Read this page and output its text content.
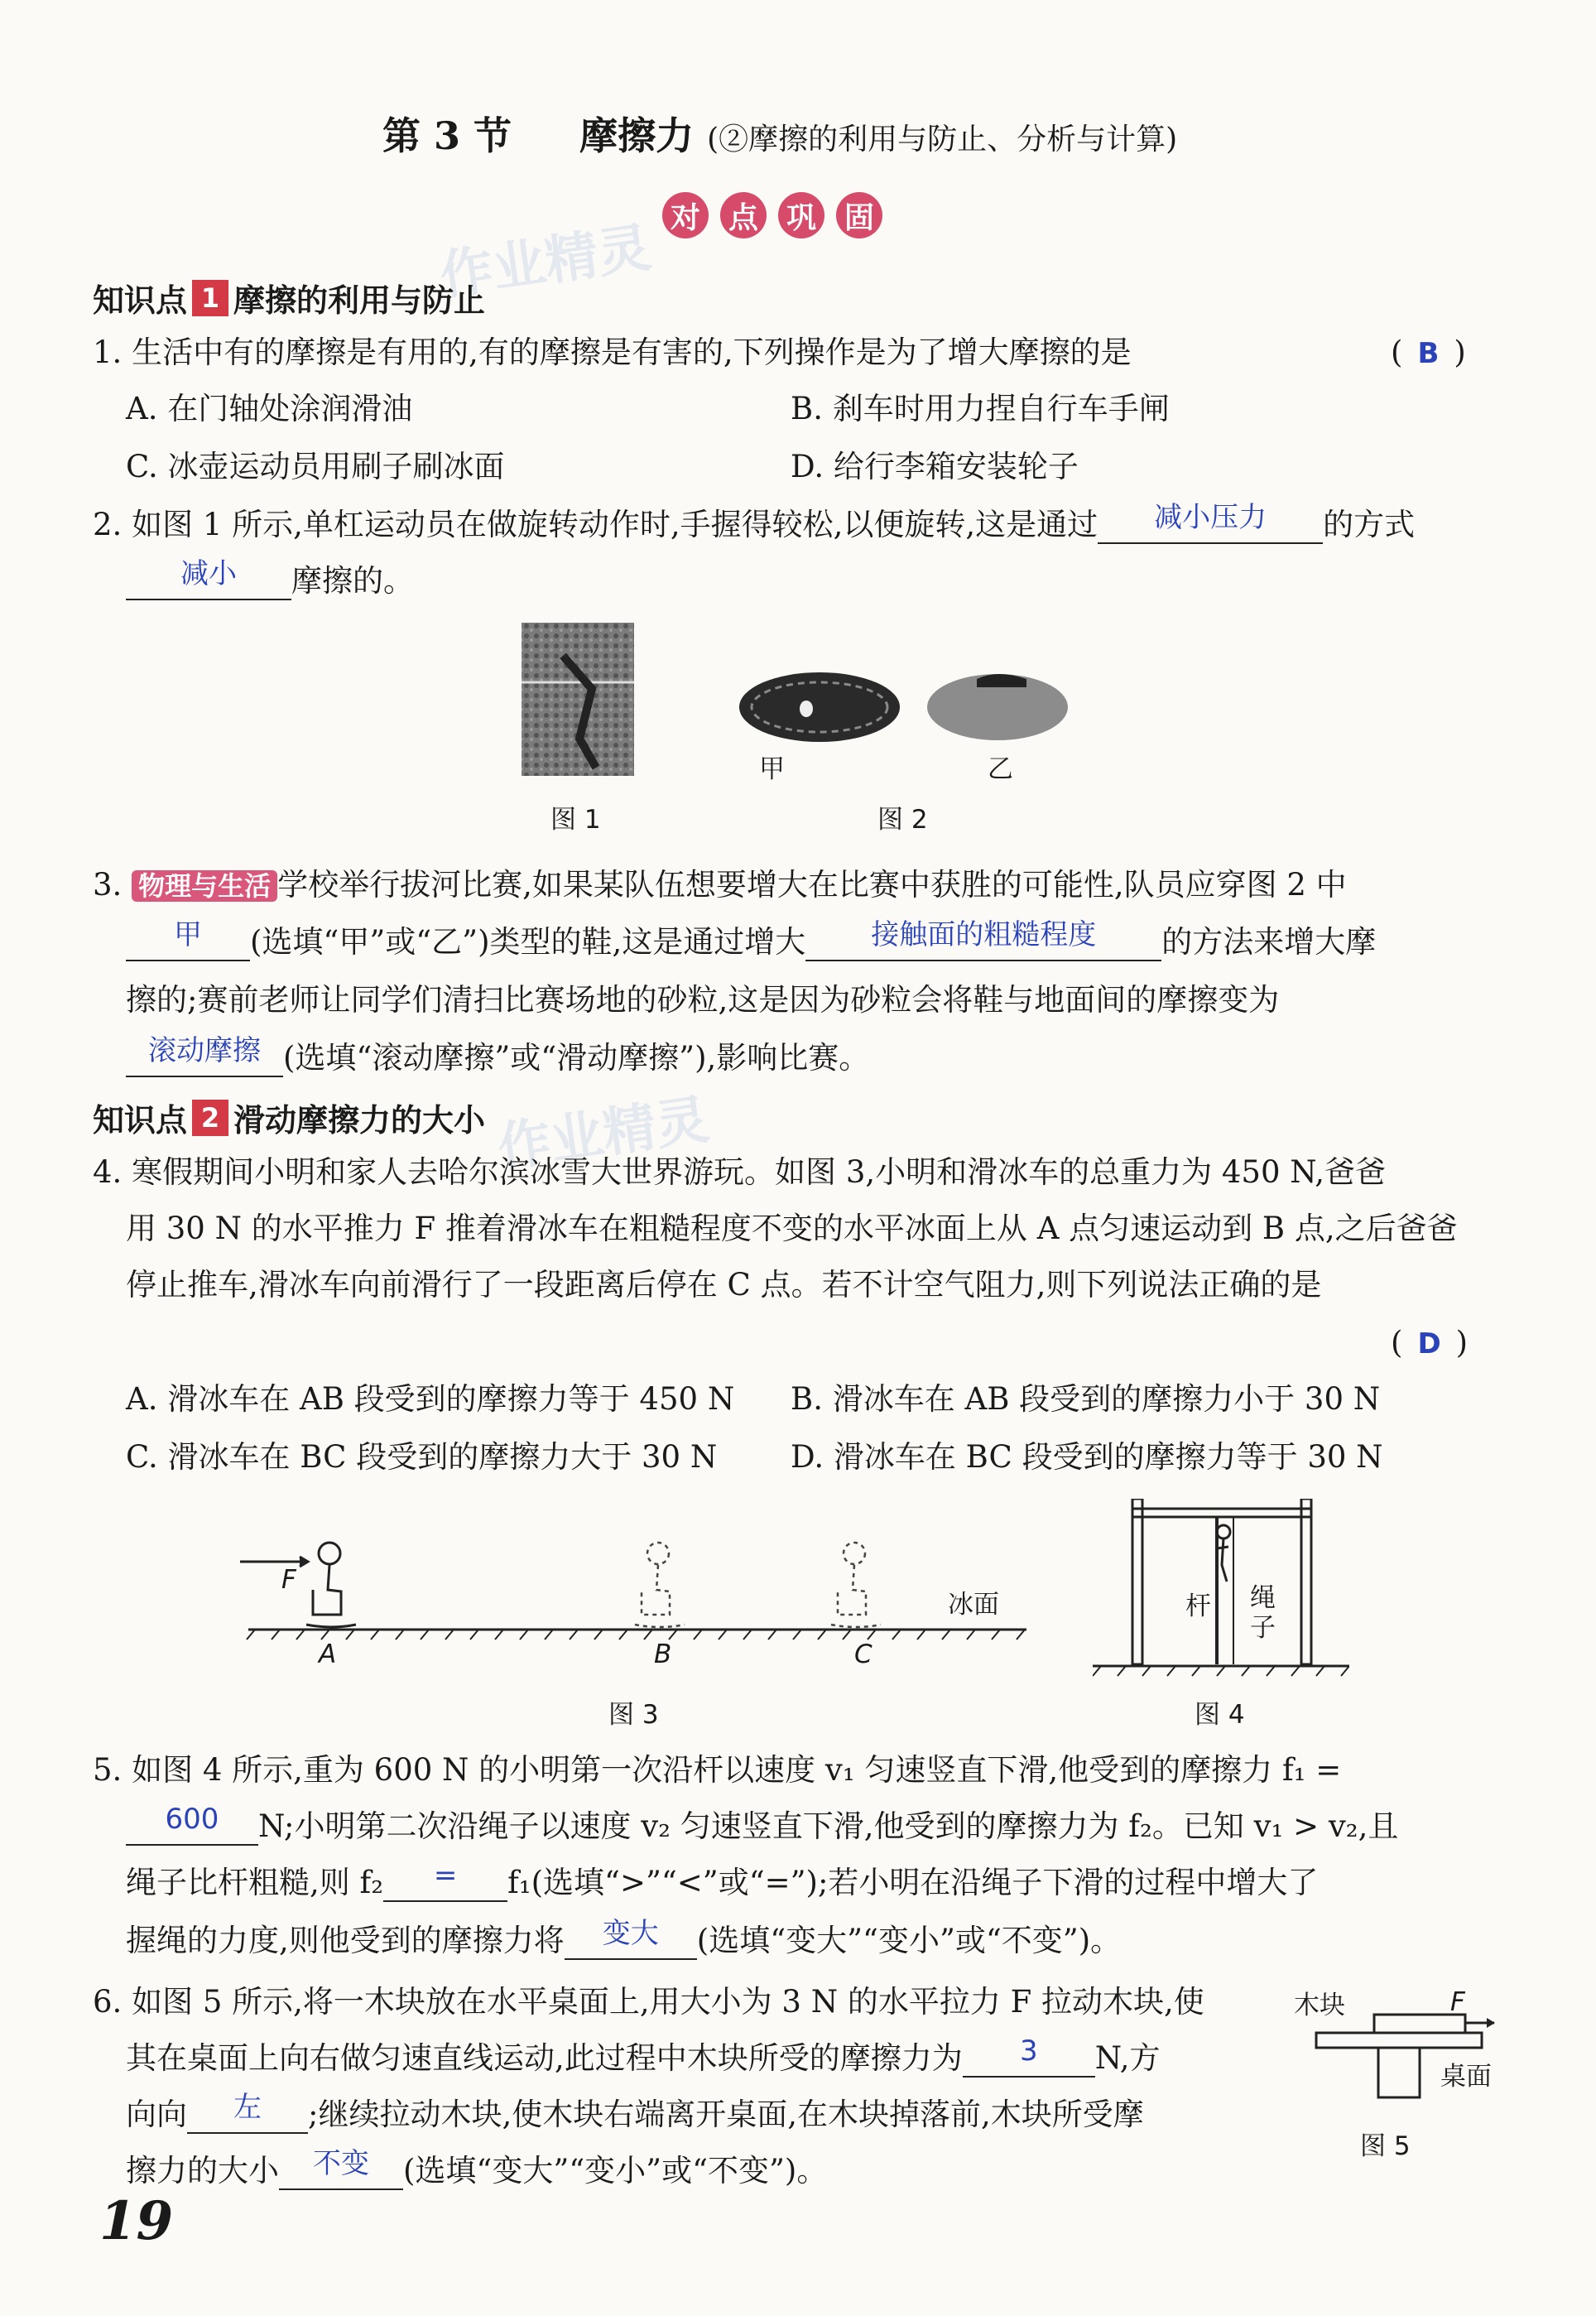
作业精灵
作业精灵
第 3 节 摩擦力 (②摩擦的利用与防止、分析与计算)
对 点 巩 固
知识点 1 摩擦的利用与防止
1. 生活中有的摩擦是有用的,有的摩擦是有害的,下列操作是为了增大摩擦的是	( B )
A. 在门轴处涂润滑油	B. 刹车时用力捏自行车手闸
C. 冰壶运动员用刷子刷冰面	D. 给行李箱安装轮子
2. 如图 1 所示,单杠运动员在做旋转动作时,手握得较松,以便旋转,这是通过 减小压力 的方式
减小 摩擦的。
甲	乙
图 1	图 2
3. 物理与生活 学校举行拔河比赛,如果某队伍想要增大在比赛中获胜的可能性,队员应穿图 2 中
甲 (选填“甲”或“乙”)类型的鞋,这是通过增大 接触面的粗糙程度 的方法来增大摩
擦的;赛前老师让同学们清扫比赛场地的砂粒,这是因为砂粒会将鞋与地面间的摩擦变为
滚动摩擦 (选填“滚动摩擦”或“滑动摩擦”),影响比赛。
知识点 2 滑动摩擦力的大小
4. 寒假期间小明和家人去哈尔滨冰雪大世界游玩。如图 3,小明和滑冰车的总重力为 450 N,爸爸
用 30 N 的水平推力 F 推着滑冰车在粗糙程度不变的水平冰面上从 A 点匀速运动到 B 点,之后爸爸
停止推车,滑冰车向前滑行了一段距离后停在 C 点。若不计空气阻力,则下列说法正确的是
( D )
A. 滑冰车在 AB 段受到的摩擦力等于 450 N B. 滑冰车在 AB 段受到的摩擦力小于 30 N
C. 滑冰车在 BC 段受到的摩擦力大于 30 N D. 滑冰车在 BC 段受到的摩擦力等于 30 N
F
A	B	C
冰面
图 3
杆 绳
子
图 4
5. 如图 4 所示,重为 600 N 的小明第一次沿杆以速度 v₁ 匀速竖直下滑,他受到的摩擦力 f₁ =
600 N;小明第二次沿绳子以速度 v₂ 匀速竖直下滑,他受到的摩擦力为 f₂。已知 v₁ > v₂,且
绳子比杆粗糙,则 f₂ = f₁(选填“>”“<”或“=”);若小明在沿绳子下滑的过程中增大了
握绳的力度,则他受到的摩擦力将 变大 (选填“变大”“变小”或“不变”)。
6. 如图 5 所示,将一木块放在水平桌面上,用大小为 3 N 的水平拉力 F 拉动木块,使
其在桌面上向右做匀速直线运动,此过程中木块所受的摩擦力为 3 N,方
向向 左 ;继续拉动木块,使木块右端离开桌面,在木块掉落前,木块所受摩
擦力的大小 不变 (选填“变大”“变小”或“不变”)。
木块	F
桌面
图 5
19
